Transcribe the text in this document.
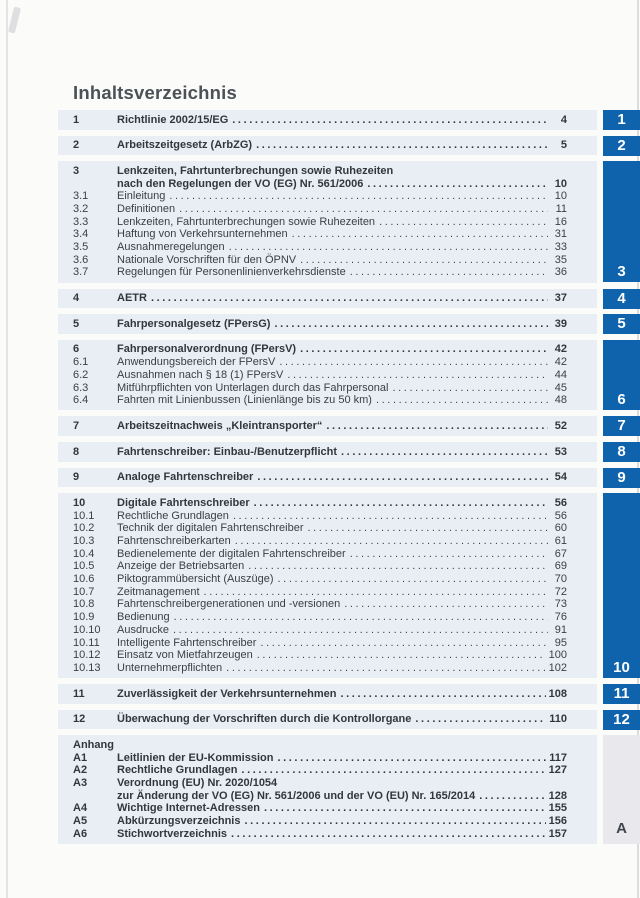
Inhaltsverzeichnis
1	Richtlinie 2002/15/EG .....	4
2	Arbeitszeitgesetz (ArbZG) .....	5
3	Lenkzeiten, Fahrtunterbrechungen sowie Ruhezeiten
nach den Regelungen der VO (EG) Nr. 561/2006 .....	10
3.1	Einleitung .....	10
3.2	Definitionen .....	11
3.3	Lenkzeiten, Fahrtunterbrechungen sowie Ruhezeiten .....	16
3.4	Haftung von Verkehrsunternehmen .....	31
3.5	Ausnahmeregelungen .....	33
3.6	Nationale Vorschriften für den ÖPNV .....	35
3.7	Regelungen für Personenlinienverkehrsdienste .....	36
4	AETR .....	37
5	Fahrpersonalgesetz (FPersG) .....	39
6	Fahrpersonalverordnung (FPersV) .....	42
6.1	Anwendungsbereich der FPersV .....	42
6.2	Ausnahmen nach § 18 (1) FPersV .....	44
6.3	Mitführpflichten von Unterlagen durch das Fahrpersonal .....	45
6.4	Fahrten mit Linienbussen (Linienlänge bis zu 50 km) .....	48
7	Arbeitszeitnachweis „Kleintransporter“ .....	52
8	Fahrtenschreiber: Einbau-/Benutzerpflicht .....	53
9	Analoge Fahrtenschreiber .....	54
10	Digitale Fahrtenschreiber .....	56
10.1	Rechtliche Grundlagen .....	56
10.2	Technik der digitalen Fahrtenschreiber .....	60
10.3	Fahrtenschreiberkarten .....	61
10.4	Bedienelemente der digitalen Fahrtenschreiber .....	67
10.5	Anzeige der Betriebsarten .....	69
10.6	Piktogrammübersicht (Auszüge) .....	70
10.7	Zeitmanagement .....	72
10.8	Fahrtenschreibergenerationen und -versionen .....	73
10.9	Bedienung .....	76
10.10	Ausdrucke .....	91
10.11	Intelligente Fahrtenschreiber .....	95
10.12	Einsatz von Mietfahrzeugen .....	100
10.13	Unternehmerpflichten .....	102
11	Zuverlässigkeit der Verkehrsunternehmen .....	108
12	Überwachung der Vorschriften durch die Kontrollorgane .....	110
Anhang
A1	Leitlinien der EU-Kommission .....	117
A2	Rechtliche Grundlagen .....	127
A3	Verordnung (EU) Nr. 2020/1054
zur Änderung der VO (EG) Nr. 561/2006 und der VO (EU) Nr. 165/2014 .....	128
A4	Wichtige Internet-Adressen .....	155
A5	Abkürzungsverzeichnis .....	156
A6	Stichwortverzeichnis .....	157
1
2
3
4
5
6
7
8
9
10
11
12
A
